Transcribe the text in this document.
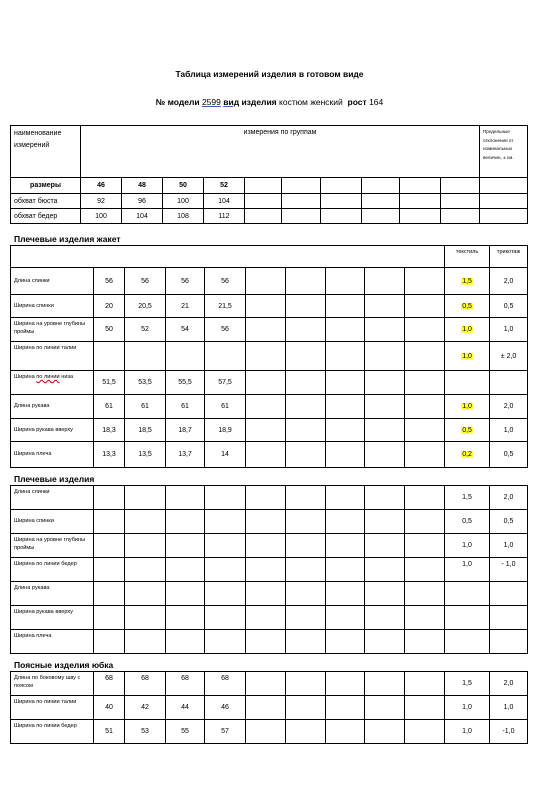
Таблица измерений изделия в готовом виде
№ модели 2599 вид изделия костюм женский рост 164
наименование измерений	измерения по группам										Предельные отклонения от номинальных величин, ± см.
размеры	46	48	50	52							
обхват бюста	92	96	100	104							
обхват бедер	100	104	108	112							
Плечевые изделия жакет
										текстиль	трикотаж
Длина спинки	56	56	56	56						1,5	2,0
Ширина спинки	20	20,5	21	21,5						0,5	0,5
Ширина на уровне глубины проймы	50	52	54	56						1,0	1,0
Ширина по линии талии										1,0	± 2,0
Ширина по линии низа	51,5	53,5	55,5	57,5							
Длина рукава	61	61	61	61						1,0	2,0
Ширина рукава вверху	18,3	18,5	18,7	18,9						0,5	1,0
Ширина плеча	13,3	13,5	13,7	14						0,2	0,5
Плечевые изделия
Длина спинки										1,5	2,0
Ширина спинки										0,5	0,5
Ширина на уровне глубины проймы										1,0	1,0
Ширина по линии бедер										1,0	- 1,0
Длина рукава											
Ширина рукава вверху											
Ширина плеча											
Поясные изделия юбка
Длина по боковому шву с поясом	68	68	68	68						1,5	2,0
Ширина по линии талии	40	42	44	46						1,0	1,0
Ширина по линии бедер	51	53	55	57						1,0	-1,0
